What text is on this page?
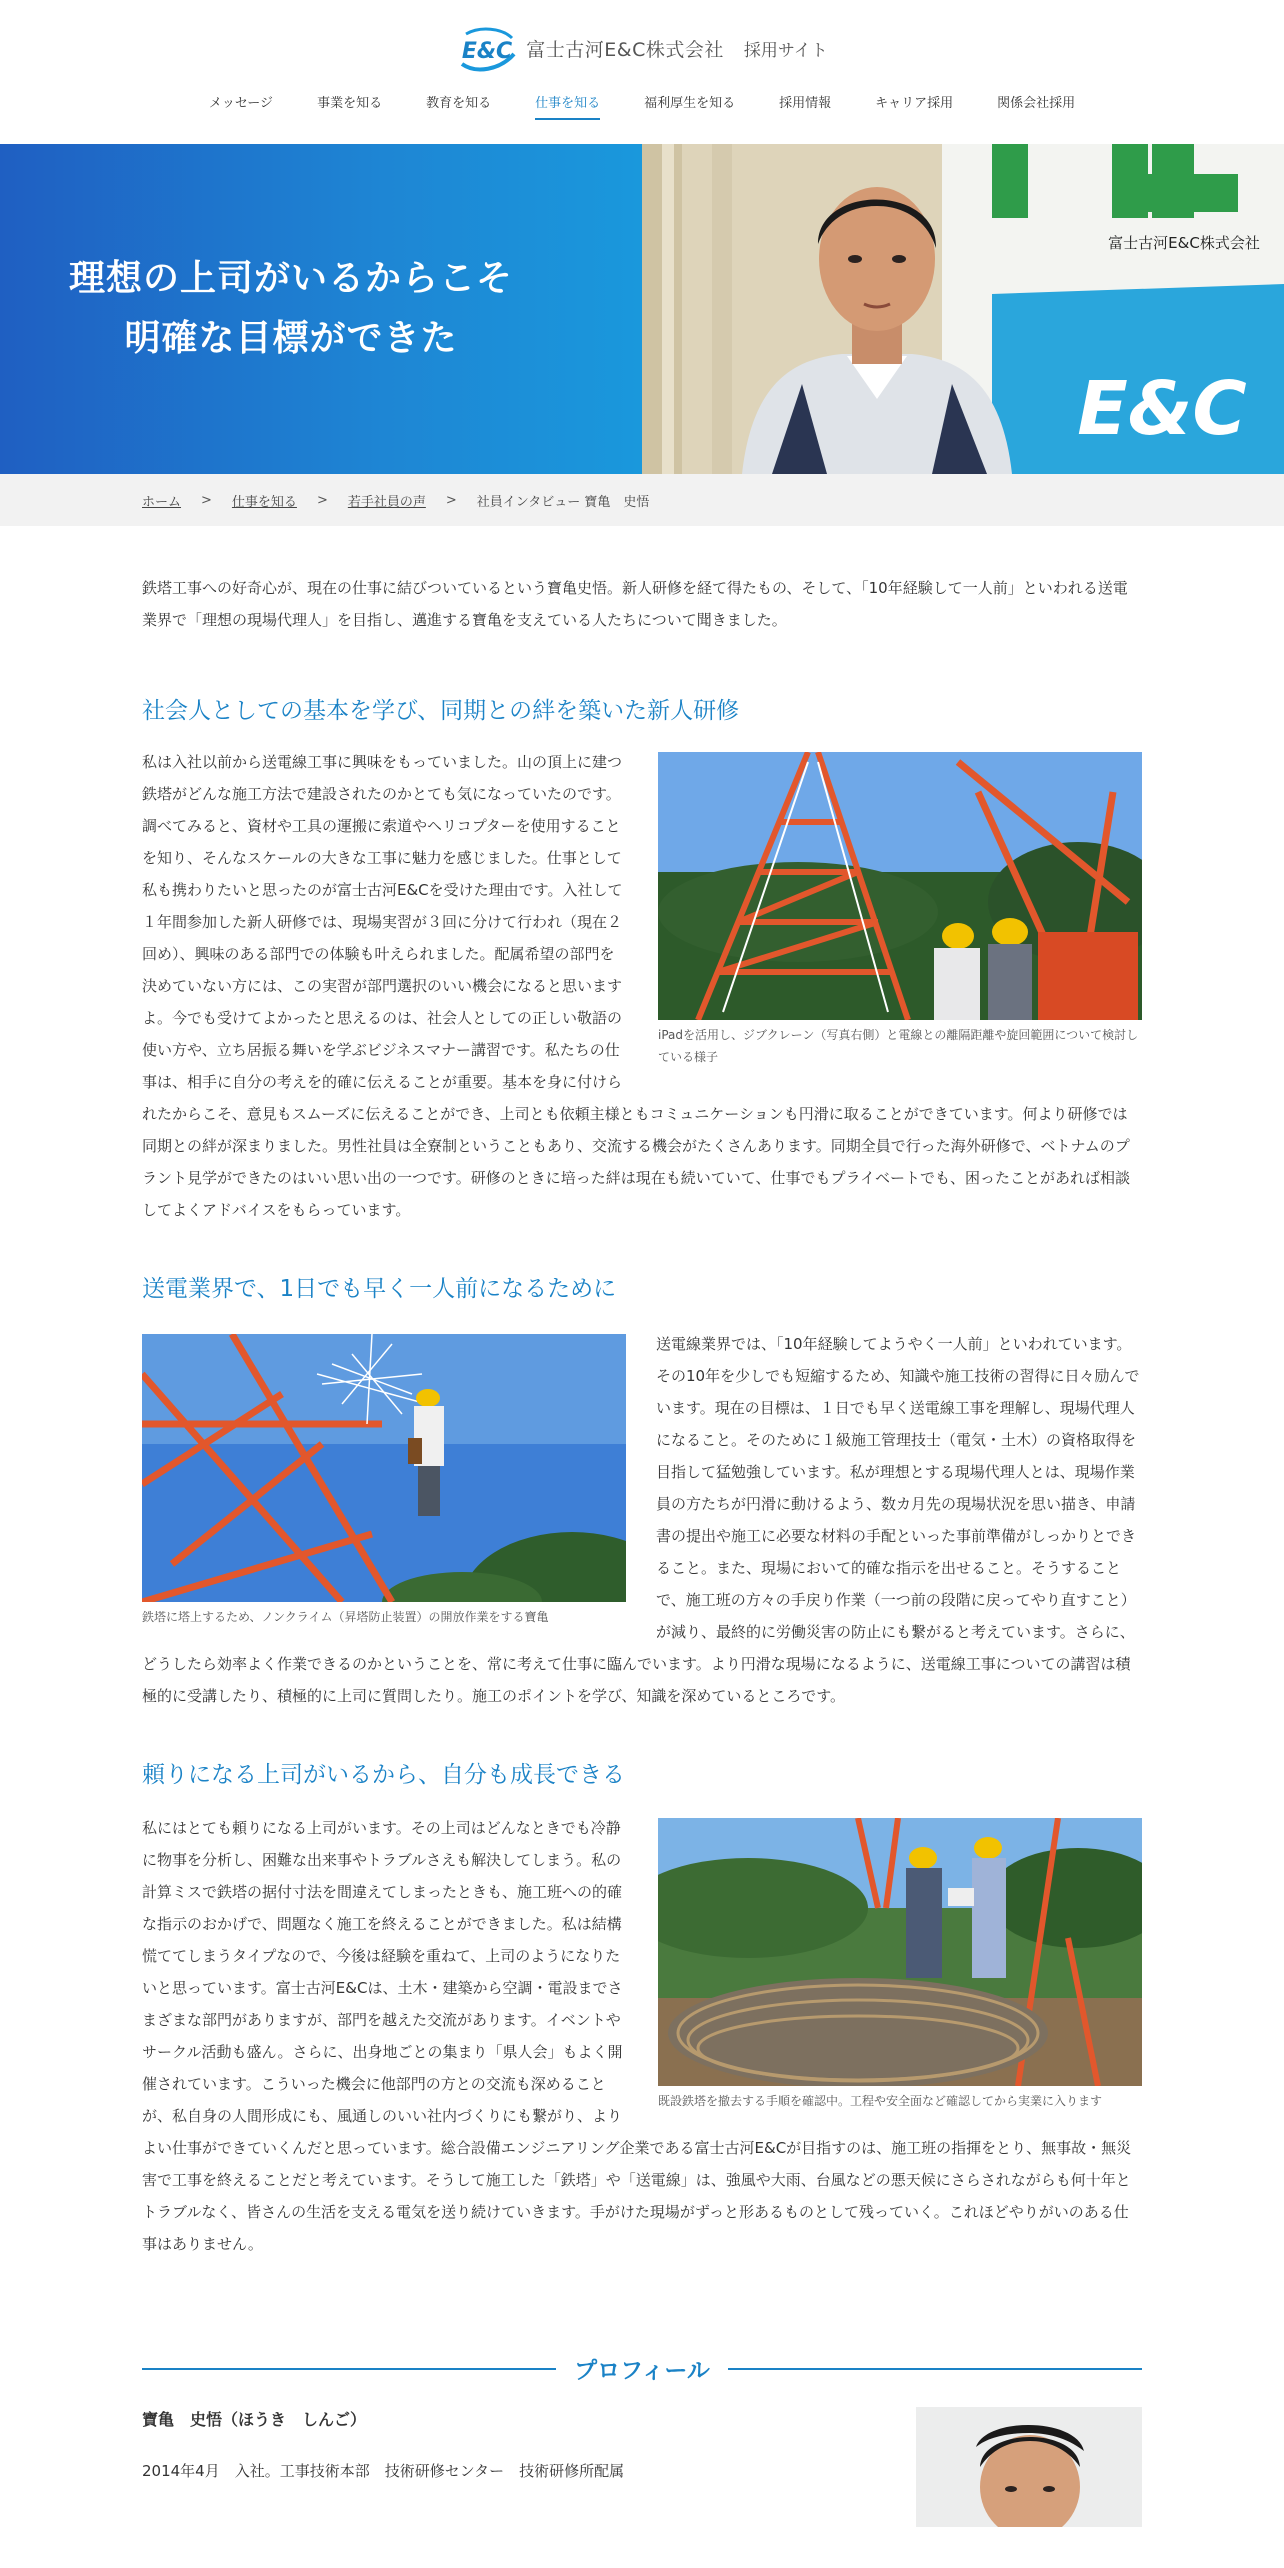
E&C 富士古河E&C株式会社 採用サイト
メッセージ	事業を知る	教育を知る	仕事を知る	福利厚生を知る	採用情報	キャリア採用	関係会社採用
理想の上司がいるからこそ
明確な目標ができた
富士古河E&C株式会社
E&C
ホーム > 仕事を知る > 若手社員の声 > 社員インタビュー 寶亀　史悟

鉄塔工事への好奇心が、現在の仕事に結びついているという寶亀史悟。新人研修を経て得たもの、そして、「10年経験して一人前」といわれる送電業界で「理想の現場代理人」を目指し、邁進する寶亀を支えている人たちについて聞きました。

社会人としての基本を学び、同期との絆を築いた新人研修
iPadを活用し、ジブクレーン（写真右側）と電線との離隔距離や旋回範囲について検討している様子

私は入社以前から送電線工事に興味をもっていました。山の頂上に建つ鉄塔がどんな施工方法で建設されたのかとても気になっていたのです。調べてみると、資材や工具の運搬に索道やヘリコプターを使用することを知り、そんなスケールの大きな工事に魅力を感じました。仕事として私も携わりたいと思ったのが富士古河E&Cを受けた理由です。入社して１年間参加した新人研修では、現場実習が３回に分けて行われ（現在２回め）、興味のある部門での体験も叶えられました。配属希望の部門を決めていない方には、この実習が部門選択のいい機会になると思いますよ。今でも受けてよかったと思えるのは、社会人としての正しい敬語の使い方や、立ち居振る舞いを学ぶビジネスマナー講習です。私たちの仕事は、相手に自分の考えを的確に伝えることが重要。基本を身に付けられたからこそ、意見もスムーズに伝えることができ、上司とも依頼主様ともコミュニケーションも円滑に取ることができています。何より研修では同期との絆が深まりました。男性社員は全寮制ということもあり、交流する機会がたくさんあります。同期全員で行った海外研修で、ベトナムのプラント見学ができたのはいい思い出の一つです。研修のときに培った絆は現在も続いていて、仕事でもプライベートでも、困ったことがあれば相談してよくアドバイスをもらっています。

送電業界で、1日でも早く一人前になるために
鉄塔に塔上するため、ノンクライム（昇塔防止装置）の開放作業をする寶亀

送電線業界では、「10年経験してようやく一人前」といわれています。その10年を少しでも短縮するため、知識や施工技術の習得に日々励んでいます。現在の目標は、１日でも早く送電線工事を理解し、現場代理人になること。そのために１級施工管理技士（電気・土木）の資格取得を目指して猛勉強しています。私が理想とする現場代理人とは、現場作業員の方たちが円滑に動けるよう、数カ月先の現場状況を思い描き、申請書の提出や施工に必要な材料の手配といった事前準備がしっかりとできること。また、現場において的確な指示を出せること。そうすることで、施工班の方々の手戻り作業（一つ前の段階に戻ってやり直すこと）が減り、最終的に労働災害の防止にも繋がると考えています。さらに、どうしたら効率よく作業できるのかということを、常に考えて仕事に臨んでいます。より円滑な現場になるように、送電線工事についての講習は積極的に受講したり、積極的に上司に質問したり。施工のポイントを学び、知識を深めているところです。

頼りになる上司がいるから、自分も成長できる
既設鉄塔を撤去する手順を確認中。工程や安全面など確認してから実業に入ります

私にはとても頼りになる上司がいます。その上司はどんなときでも冷静に物事を分析し、困難な出来事やトラブルさえも解決してしまう。私の計算ミスで鉄塔の据付寸法を間違えてしまったときも、施工班への的確な指示のおかげで、問題なく施工を終えることができました。私は結構慌ててしまうタイプなので、今後は経験を重ねて、上司のようになりたいと思っています。富士古河E&Cは、土木・建築から空調・電設までさまざまな部門がありますが、部門を越えた交流があります。イベントやサークル活動も盛ん。さらに、出身地ごとの集まり「県人会」もよく開催されています。こういった機会に他部門の方との交流も深めることが、私自身の人間形成にも、風通しのいい社内づくりにも繋がり、よりよい仕事ができていくんだと思っています。総合設備エンジニアリング企業である富士古河E&Cが目指すのは、施工班の指揮をとり、無事故・無災害で工事を終えることだと考えています。そうして施工した「鉄塔」や「送電線」は、強風や大雨、台風などの悪天候にさらされながらも何十年とトラブルなく、皆さんの生活を支える電気を送り続けていきます。手がけた現場がずっと形あるものとして残っていく。これほどやりがいのある仕事はありません。

プロフィール

寶亀　史悟（ほうき　しんご）

2014年4月　入社。工事技術本部　技術研修センター　技術研修所配属
